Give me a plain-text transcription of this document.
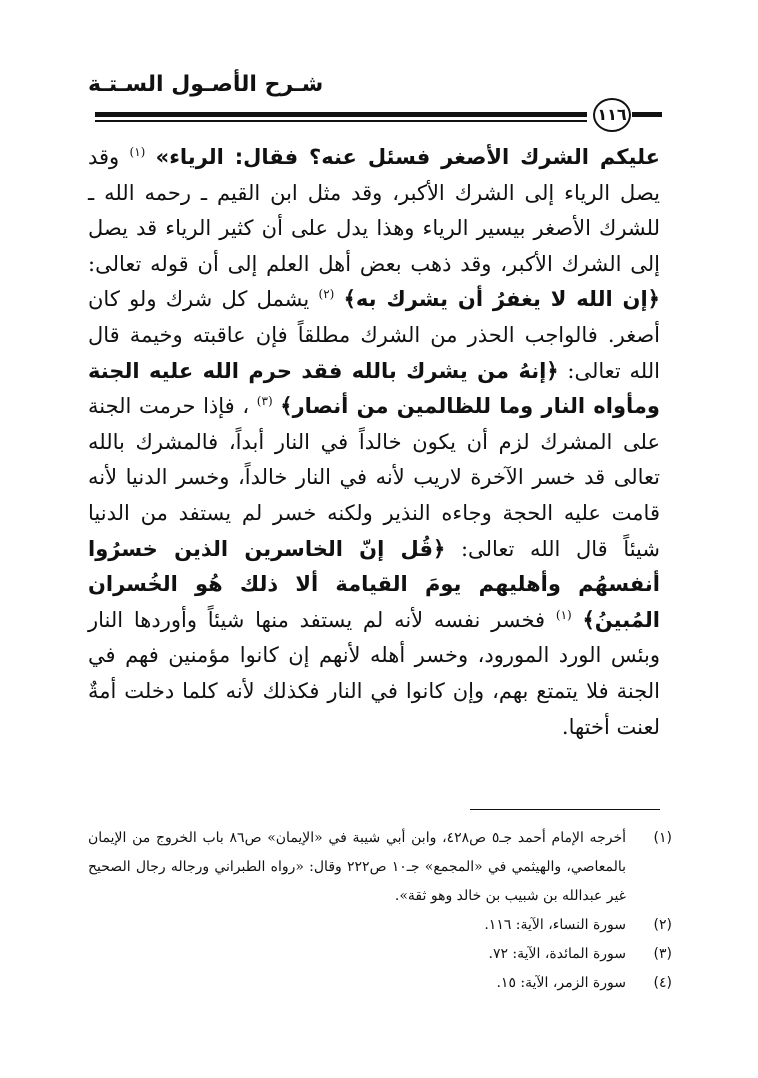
شـرح الأصـول السـتـة
١١٦

عليكم الشرك الأصغر فسئل عنه؟ فقال: الرياء» $^{(١)}$ وقد يصل الرياء إلى الشرك الأكبر، وقد مثل ابن القيم ـ رحمه الله ـ للشرك الأصغر بيسير الرياء وهذا يدل على أن كثير الرياء قد يصل إلى الشرك الأكبر، وقد ذهب بعض أهل العلم إلى أن قوله تعالى: ﴿إن الله لا يغفرُ أن يشرك به﴾ $^{(٢)}$ يشمل كل شرك ولو كان أصغر. فالواجب الحذر من الشرك مطلقاً فإن عاقبته وخيمة قال الله تعالى: ﴿إنهُ من يشرك بالله فقد حرم الله عليه الجنة ومأواه النار وما للظالمين من أنصار﴾ $^{(٣)}$ ، فإذا حرمت الجنة على المشرك لزم أن يكون خالداً في النار أبداً، فالمشرك بالله تعالى قد خسر الآخرة لاريب لأنه في النار خالداً، وخسر الدنيا لأنه قامت عليه الحجة وجاءه النذير ولكنه خسر لم يستفد من الدنيا شيئاً قال الله تعالى: ﴿قُل إنّ الخاسرين الذين خسرُوا أنفسهُم وأهليهم يومَ القيامة ألا ذلك هُو الخُسران المُبينُ﴾ $^{(١)}$ فخسر نفسه لأنه لم يستفد منها شيئاً وأوردها النار وبئس الورد المورود، وخسر أهله لأنهم إن كانوا مؤمنين فهم في الجنة فلا يتمتع بهم، وإن كانوا في النار فكذلك لأنه كلما دخلت أمةٌ لعنت أختها.

(١)
أخرجه الإمام أحمد جـ٥ ص٤٢٨، وابن أبي شيبة في «الإيمان» ص٨٦ باب الخروج من الإيمان بالمعاصي، والهيثمي في «المجمع» جـ١٠ ص٢٢٢ وقال: «رواه الطبراني ورجاله رجال الصحيح غير عبدالله بن شبيب بن خالد وهو ثقة».
(٢)
سورة النساء، الآية: ١١٦.
(٣)
سورة المائدة، الآية: ٧٢.
(٤)
سورة الزمر، الآية: ١٥.
